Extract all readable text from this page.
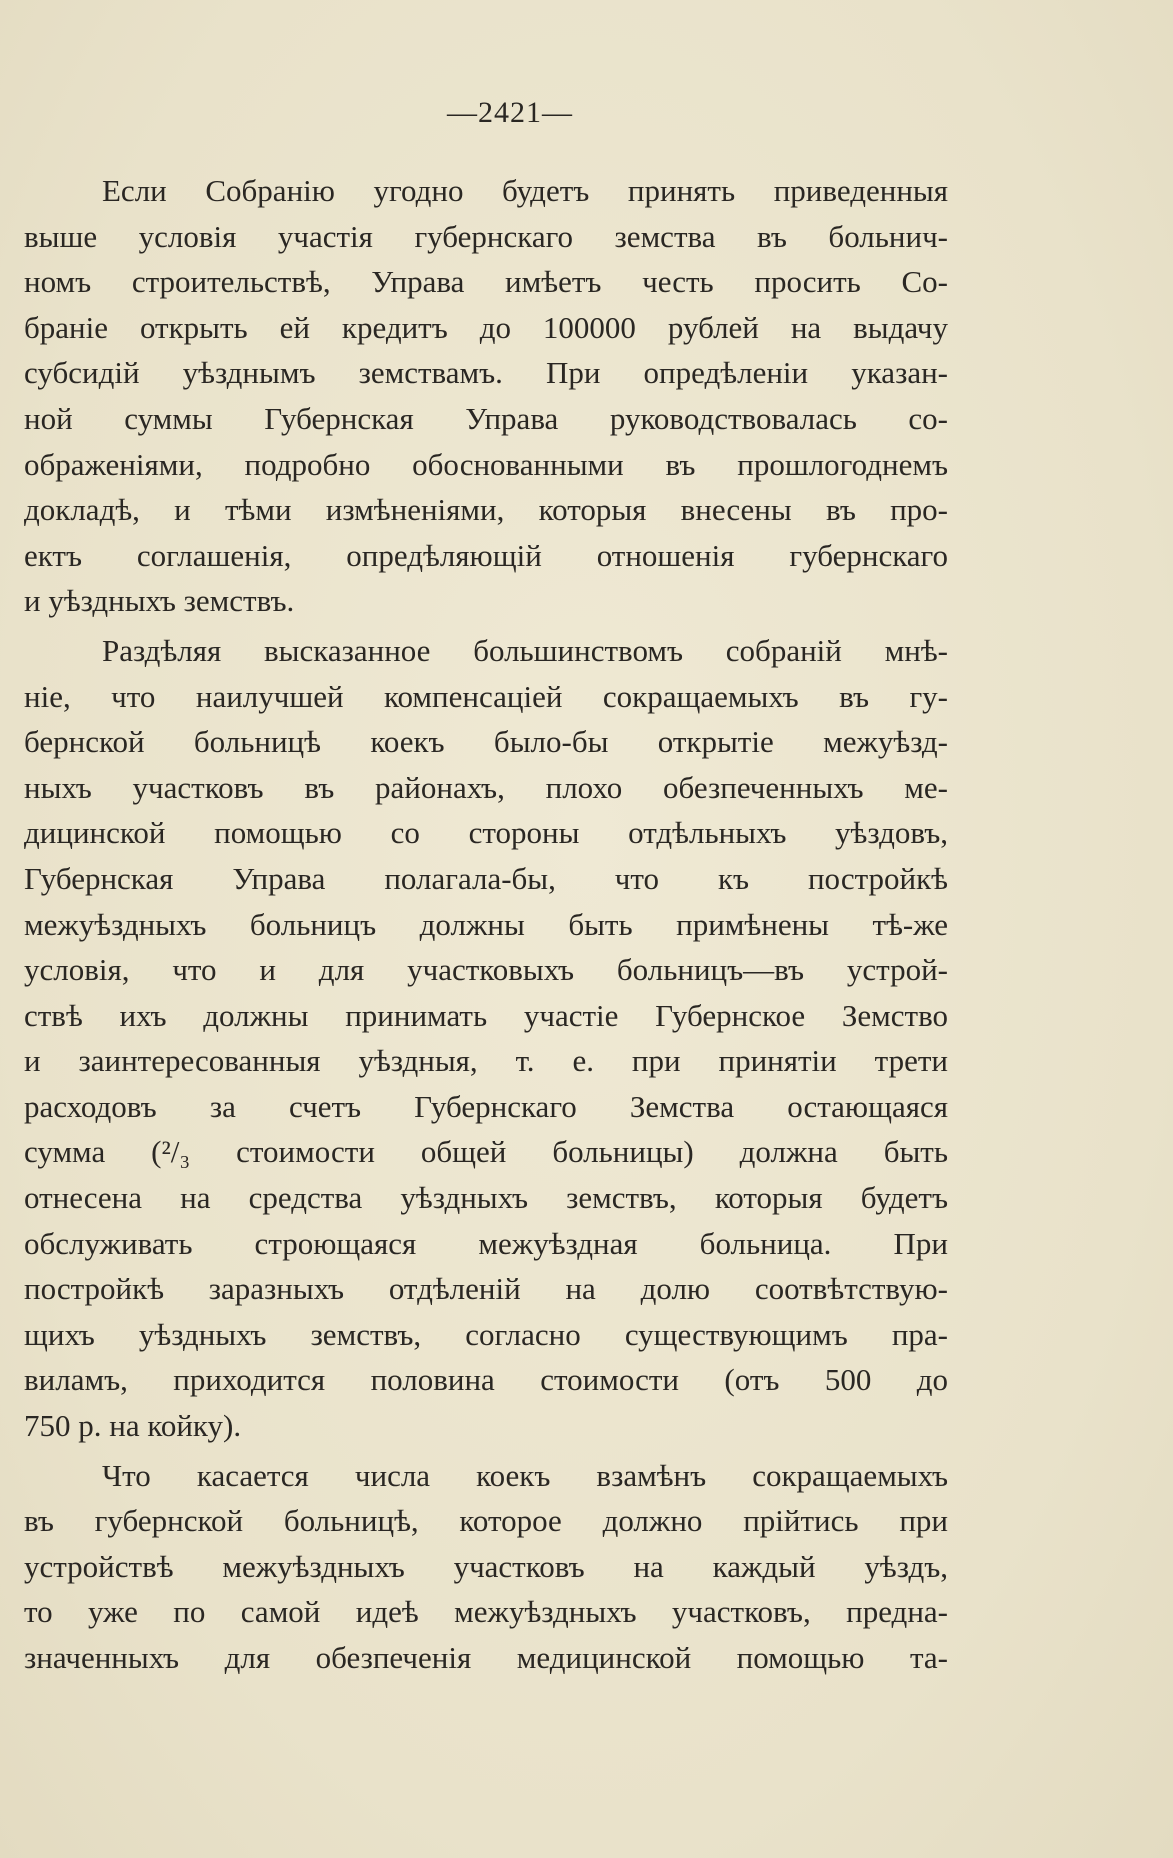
—2421—
Если Собранію угодно будетъ принять приведенныя
выше условія участія губернскаго земства въ больнич-
номъ строительствѣ, Управа имѣетъ честь просить Со-
браніе открыть ей кредитъ до 100000 рублей на выдачу
субсидій уѣзднымъ земствамъ. При опредѣленіи указан-
ной суммы Губернская Управа руководствовалась со-
ображеніями, подробно обоснованными въ прошлогоднемъ
докладѣ, и тѣми измѣненіями, которыя внесены въ про-
ектъ соглашенія, опредѣляющій отношенія губернскаго
и уѣздныхъ земствъ.
Раздѣляя высказанное большинствомъ собраній мнѣ-
ніе, что наилучшей компенсаціей сокращаемыхъ въ гу-
бернской больницѣ коекъ было-бы открытіе межуѣзд-
ныхъ участковъ въ районахъ, плохо обезпеченныхъ ме-
дицинской помощью со стороны отдѣльныхъ уѣздовъ,
Губернская Управа полагала-бы, что къ постройкѣ
межуѣздныхъ больницъ должны быть примѣнены тѣ-же
условія, что и для участковыхъ больницъ—въ устрой-
ствѣ ихъ должны принимать участіе Губернское Земство
и заинтересованныя уѣздныя, т. е. при принятіи трети
расходовъ за счетъ Губернскаго Земства остающаяся
сумма (²/₃ стоимости общей больницы) должна быть
отнесена на средства уѣздныхъ земствъ, которыя будетъ
обслуживать строющаяся межуѣздная больница. При
постройкѣ заразныхъ отдѣленій на долю соотвѣтствую-
щихъ уѣздныхъ земствъ, согласно существующимъ пра-
виламъ, приходится половина стоимости (отъ 500 до
750 р. на койку).
Что касается числа коекъ взамѣнъ сокращаемыхъ
въ губернской больницѣ, которое должно прійтись при
устройствѣ межуѣздныхъ участковъ на каждый уѣздъ,
то уже по самой идеѣ межуѣздныхъ участковъ, предна-
значенныхъ для обезпеченія медицинской помощью та-
